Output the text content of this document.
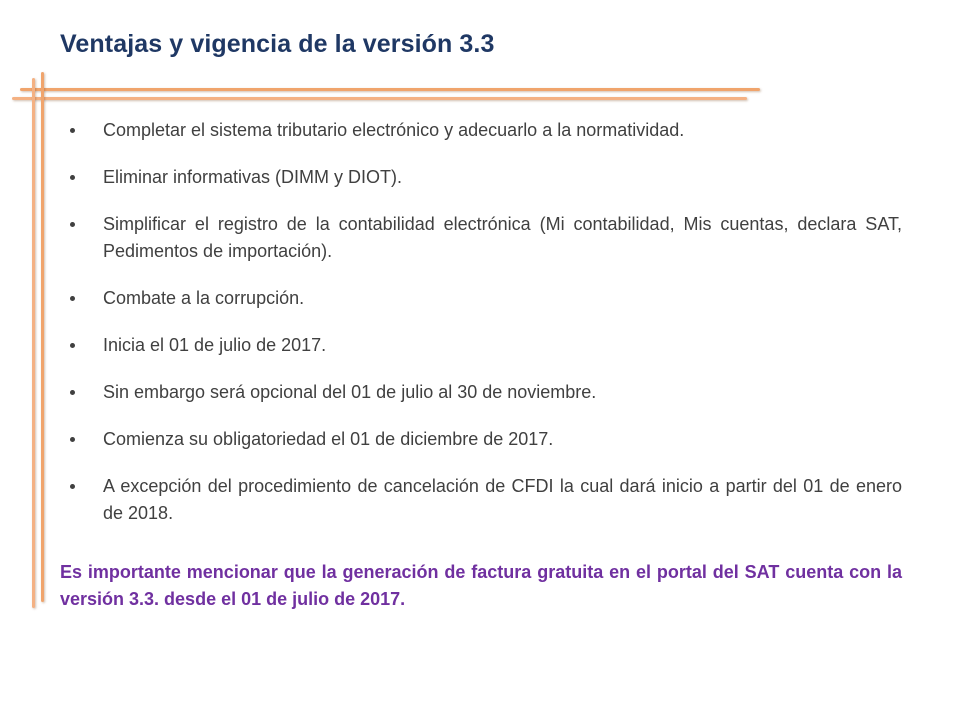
Ventajas y vigencia de la versión 3.3
Completar el sistema tributario electrónico y adecuarlo a la normatividad.
Eliminar informativas (DIMM y DIOT).
Simplificar el registro de la contabilidad electrónica (Mi contabilidad, Mis cuentas, declara SAT, Pedimentos de importación).
Combate a la corrupción.
Inicia el 01 de julio de 2017.
Sin embargo será opcional del 01 de julio al 30 de noviembre.
Comienza su obligatoriedad el 01 de diciembre de 2017.
A excepción del procedimiento de cancelación de CFDI la cual dará inicio a partir del 01 de enero de 2018.
Es importante mencionar que la generación de factura gratuita en el portal del SAT cuenta con la versión 3.3. desde el 01 de julio de 2017.
